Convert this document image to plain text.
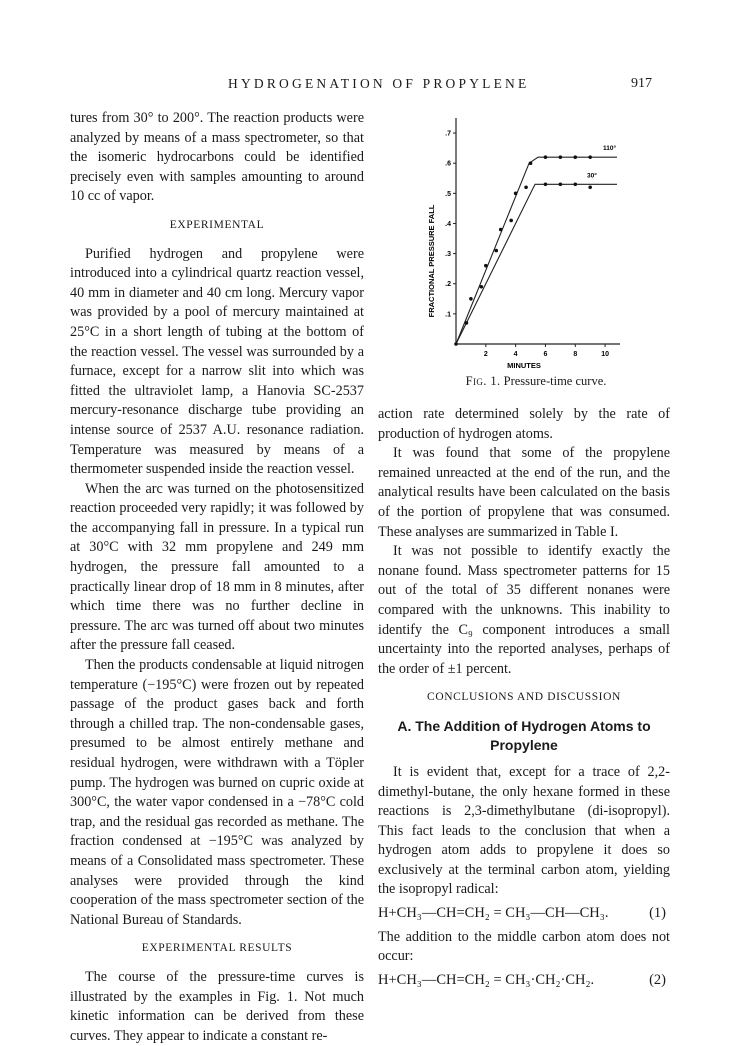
HYDROGENATION OF PROPYLENE	917

tures from 30° to 200°. The reaction products were analyzed by means of a mass spectrometer, so that the isomeric hydrocarbons could be identified precisely even with samples amounting to around 10 cc of vapor.

EXPERIMENTAL

Purified hydrogen and propylene were introduced into a cylindrical quartz reaction vessel, 40 mm in diameter and 40 cm long. Mercury vapor was provided by a pool of mercury maintained at 25°C in a short length of tubing at the bottom of the reaction vessel. The vessel was surrounded by a furnace, except for a narrow slit into which was fitted the ultraviolet lamp, a Hanovia SC-2537 mercury-resonance discharge tube providing an intense source of 2537 A.U. resonance radiation. Temperature was measured by means of a thermometer suspended inside the reaction vessel.

When the arc was turned on the photosensitized reaction proceeded very rapidly; it was followed by the accompanying fall in pressure. In a typical run at 30°C with 32 mm propylene and 249 mm hydrogen, the pressure fall amounted to a practically linear drop of 18 mm in 8 minutes, after which time there was no further decline in pressure. The arc was turned off about two minutes after the pressure fall ceased.

Then the products condensable at liquid nitrogen temperature (−195°C) were frozen out by repeated passage of the product gases back and forth through a chilled trap. The non-condensable gases, presumed to be almost entirely methane and residual hydrogen, were withdrawn with a Töpler pump. The hydrogen was burned on cupric oxide at 300°C, the water vapor condensed in a −78°C cold trap, and the residual gas recorded as methane. The fraction condensed at −195°C was analyzed by means of a Consolidated mass spectrometer. These analyses were provided through the kind cooperation of the mass spectrometer section of the National Bureau of Standards.

EXPERIMENTAL RESULTS

The course of the pressure-time curves is illustrated by the examples in Fig. 1. Not much kinetic information can be derived from these curves. They appear to indicate a constant re-

.1
.2
.3
.4
.5
.6
.7
2	4	6	8	10
110°
30°
MINUTES
FRACTIONAL PRESSURE FALL
Fig. 1. Pressure-time curve.

action rate determined solely by the rate of production of hydrogen atoms.

It was found that some of the propylene remained unreacted at the end of the run, and the analytical results have been calculated on the basis of the portion of propylene that was consumed. These analyses are summarized in Table I.

It was not possible to identify exactly the nonane found. Mass spectrometer patterns for 15 out of the total of 35 different nonanes were compared with the unknowns. This inability to identify the C₉ component introduces a small uncertainty into the reported analyses, perhaps of the order of ±1 percent.

CONCLUSIONS AND DISCUSSION
A. The Addition of Hydrogen Atoms to Propylene

It is evident that, except for a trace of 2,2-dimethyl-butane, the only hexane formed in these reactions is 2,3-dimethylbutane (di-isopropyl). This fact leads to the conclusion that when a hydrogen atom adds to propylene it does so exclusively at the terminal carbon atom, yielding the isopropyl radical:

H+CH₃—CH=CH₂ = CH₃—CH—CH₃.	(1)

The addition to the middle carbon atom does not occur:

H+CH₃—CH=CH₂ = CH₃·CH₂·CH₂.	(2)
